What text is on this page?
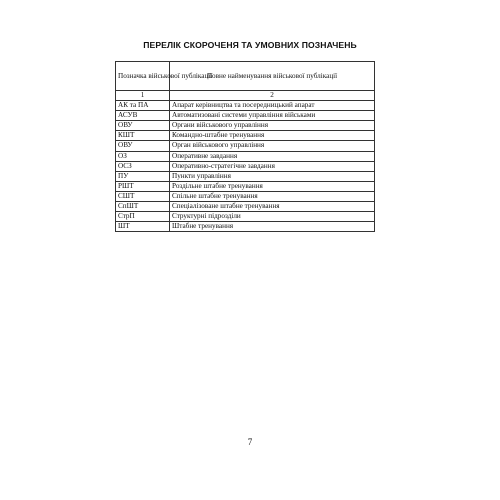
ПЕРЕЛІК СКОРОЧЕНЯ ТА УМОВНИХ ПОЗНАЧЕНЬ
Позначка військової публікації	Повне найменування військової публікації
1	2
АК та ПА	Апарат керівництва та посередницький апарат
АСУВ	Автоматизовані системи управління військами
ОВУ	Органи військового управління
КШТ	Командно-штабне тренування
ОВУ	Орган військового управління
ОЗ	Оперативне завдання
ОСЗ	Оперативно-стратегічне завдання
ПУ	Пункти управління
РШТ	Роздільне штабне тренування
СШТ	Спільне штабне тренування
СпШТ	Спеціалізоване штабне тренування
СтрП	Структурні підрозділи
ШТ	Штабне тренування
7
